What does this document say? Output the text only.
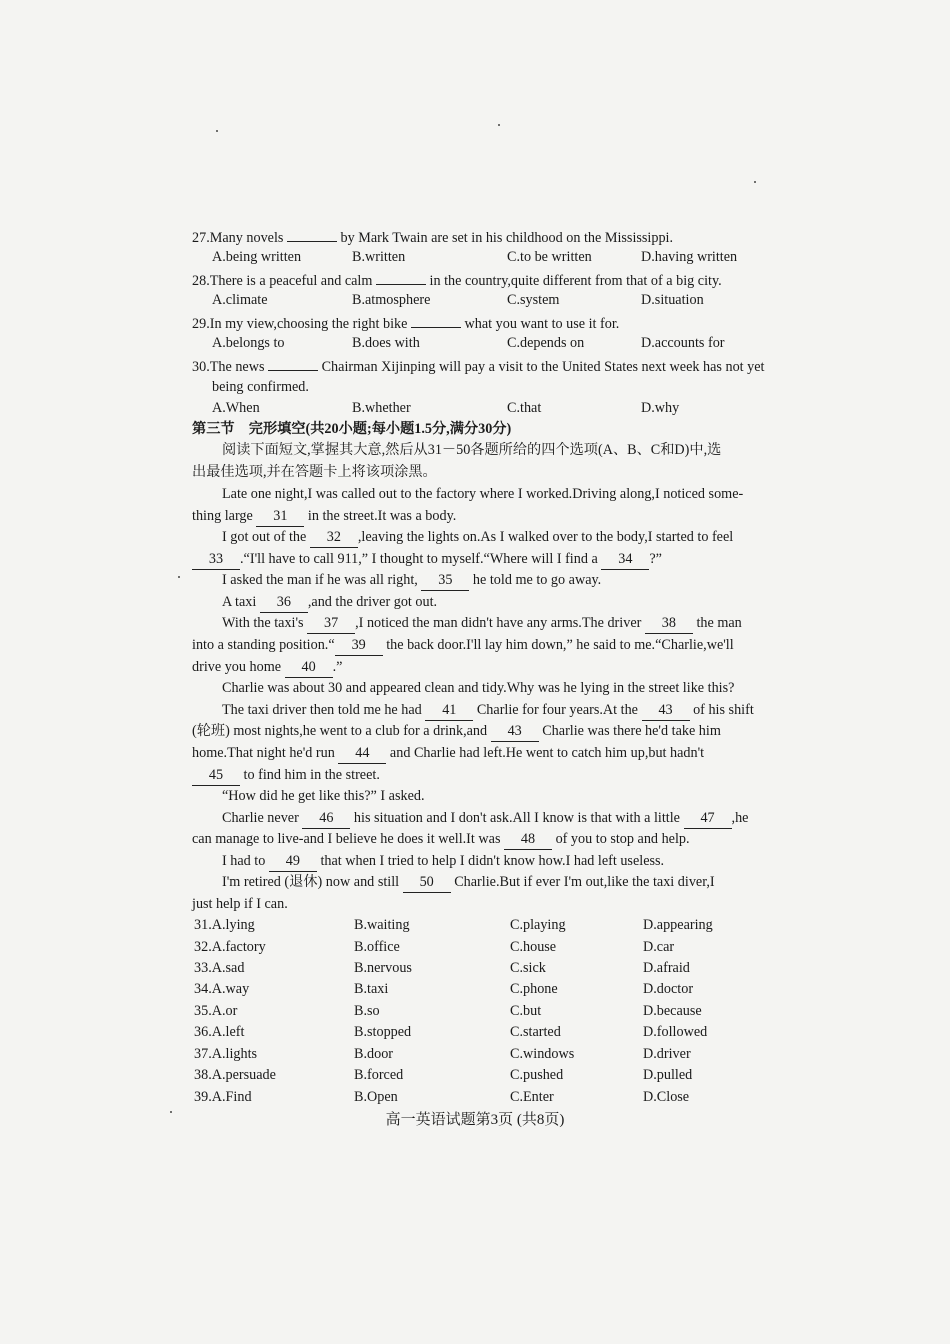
27.Many novels	by Mark Twain are set in his childhood on the Mississippi.
A.being written	B.written	C.to be written	D.having written
28.There is a peaceful and calm	in the country,quite different from that of a big city.
A.climate	B.atmosphere	C.system	D.situation
29.In my view,choosing the right bike	what you want to use it for.
A.belongs to	B.does with	C.depends on	D.accounts for
30.The news	Chairman Xijinping will pay a visit to the United States next week has not yet
being confirmed.
A.When	B.whether	C.that	D.why
第三节　完形填空(共20小题;每小题1.5分,满分30分)
阅读下面短文,掌握其大意,然后从31－50各题所给的四个选项(A、B、C和D)中,选
出最佳选项,并在答题卡上将该项涂黑。
Late one night,I was called out to the factory where I worked.Driving along,I noticed some-
thing large 31 in the street.It was a body.
I got out of the 32 ,leaving the lights on.As I walked over to the body,I started to feel
33 .“I'll have to call 911,” I thought to myself.“Where will I find a 34 ?”
I asked the man if he was all right, 35 he told me to go away.
A taxi 36 ,and the driver got out.
With the taxi's 37 ,I noticed the man didn't have any arms.The driver 38 the man
into a standing position.“ 39 the back door.I'll lay him down,” he said to me.“Charlie,we'll
drive you home 40 .”
Charlie was about 30 and appeared clean and tidy.Why was he lying in the street like this?
The taxi driver then told me he had 41 Charlie for four years.At the 43 of his shift
(轮班) most nights,he went to a club for a drink,and 43 Charlie was there he'd take him
home.That night he'd run 44 and Charlie had left.He went to catch him up,but hadn't
45 to find him in the street.
“How did he get like this?” I asked.
Charlie never 46 his situation and I don't ask.All I know is that with a little 47 ,he
can manage to live-and I believe he does it well.It was 48 of you to stop and help.
I had to 49 that when I tried to help I didn't know how.I had left useless.
I'm retired (退休) now and still 50 Charlie.But if ever I'm out,like the taxi diver,I
just help if I can.
31.A.lying	B.waiting	C.playing	D.appearing
32.A.factory	B.office	C.house	D.car
33.A.sad	B.nervous	C.sick	D.afraid
34.A.way	B.taxi	C.phone	D.doctor
35.A.or	B.so	C.but	D.because
36.A.left	B.stopped	C.started	D.followed
37.A.lights	B.door	C.windows	D.driver
38.A.persuade	B.forced	C.pushed	D.pulled
39.A.Find	B.Open	C.Enter	D.Close
高一英语试题第3页 (共8页)
